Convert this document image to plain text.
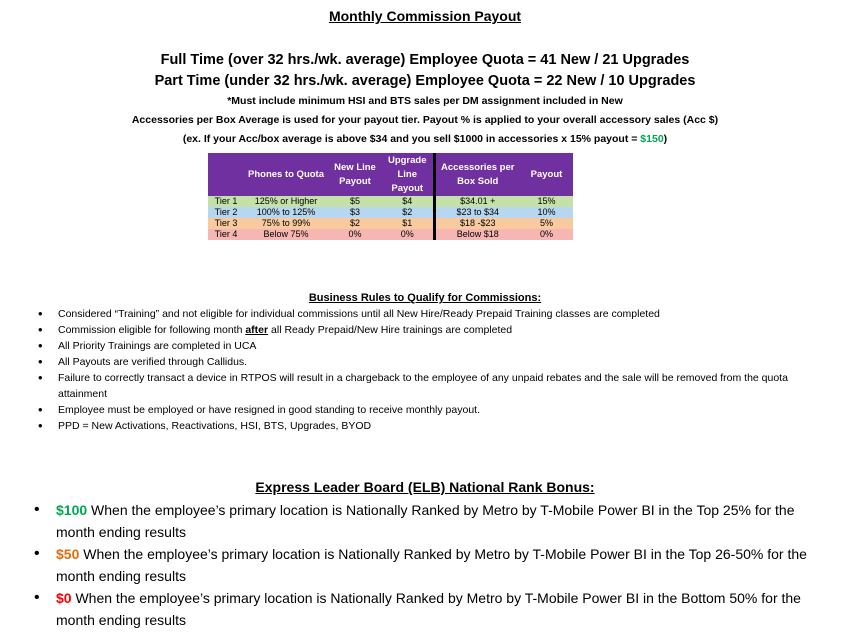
Monthly Commission Payout
Full Time (over 32 hrs./wk. average) Employee Quota = 41 New / 21 Upgrades
Part Time (under 32 hrs./wk. average) Employee Quota = 22 New / 10 Upgrades
*Must include minimum HSI and BTS sales per DM assignment included in New
Accessories per Box Average is used for your payout tier. Payout % is applied to your overall accessory sales (Acc $)
(ex. If your Acc/box average is above $34 and you sell $1000 in accessories x 15% payout = $150)
	Phones to Quota	New Line Payout	Upgrade Line Payout	Accessories per Box Sold	Payout
Tier 1	125% or Higher	$5	$4	$34.01 +	15%
Tier 2	100% to 125%	$3	$2	$23 to $34	10%
Tier 3	75% to 99%	$2	$1	$18 -$23	5%
Tier 4	Below 75%	0%	0%	Below $18	0%
Business Rules to Qualify for Commissions:
• Considered “Training” and not eligible for individual commissions until all New Hire/Ready Prepaid Training classes are completed
• Commission eligible for following month after all Ready Prepaid/New Hire trainings are completed
• All Priority Trainings are completed in UCA
• All Payouts are verified through Callidus.
• Failure to correctly transact a device in RTPOS will result in a chargeback to the employee of any unpaid rebates and the sale will be removed from the quota attainment
• Employee must be employed or have resigned in good standing to receive monthly payout.
• PPD = New Activations, Reactivations, HSI, BTS, Upgrades, BYOD
Express Leader Board (ELB) National Rank Bonus:
• $100 When the employee’s primary location is Nationally Ranked by Metro by T-Mobile Power BI in the Top 25% for the month ending results
• $50 When the employee’s primary location is Nationally Ranked by Metro by T-Mobile Power BI in the Top 26-50% for the month ending results
• $0 When the employee’s primary location is Nationally Ranked by Metro by T-Mobile Power BI in the Bottom 50% for the month ending results
